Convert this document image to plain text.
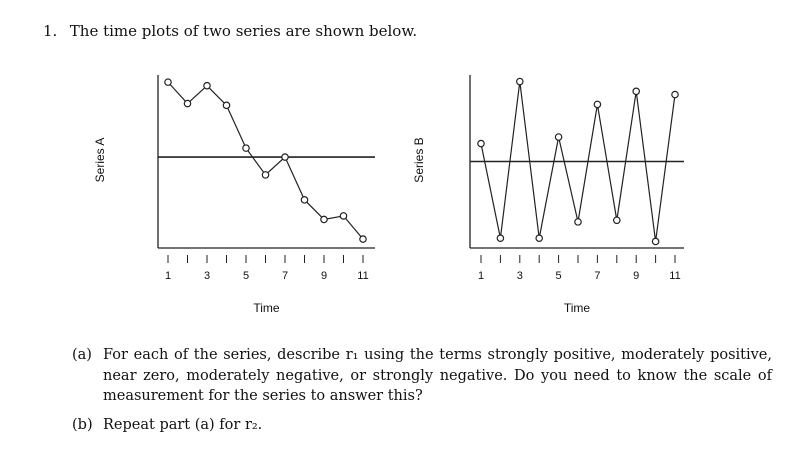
1. The time plots of two series are shown below.
1	3	5	7	9	11
Series A
Time
1	3	5	7	9	11
Series B
Time
(a) For each of the series, describe r₁ using the terms strongly positive, moderately positive, near zero, moderately negative, or strongly negative. Do you need to know the scale of measurement for the series to answer this?
(b) Repeat part (a) for r₂.
